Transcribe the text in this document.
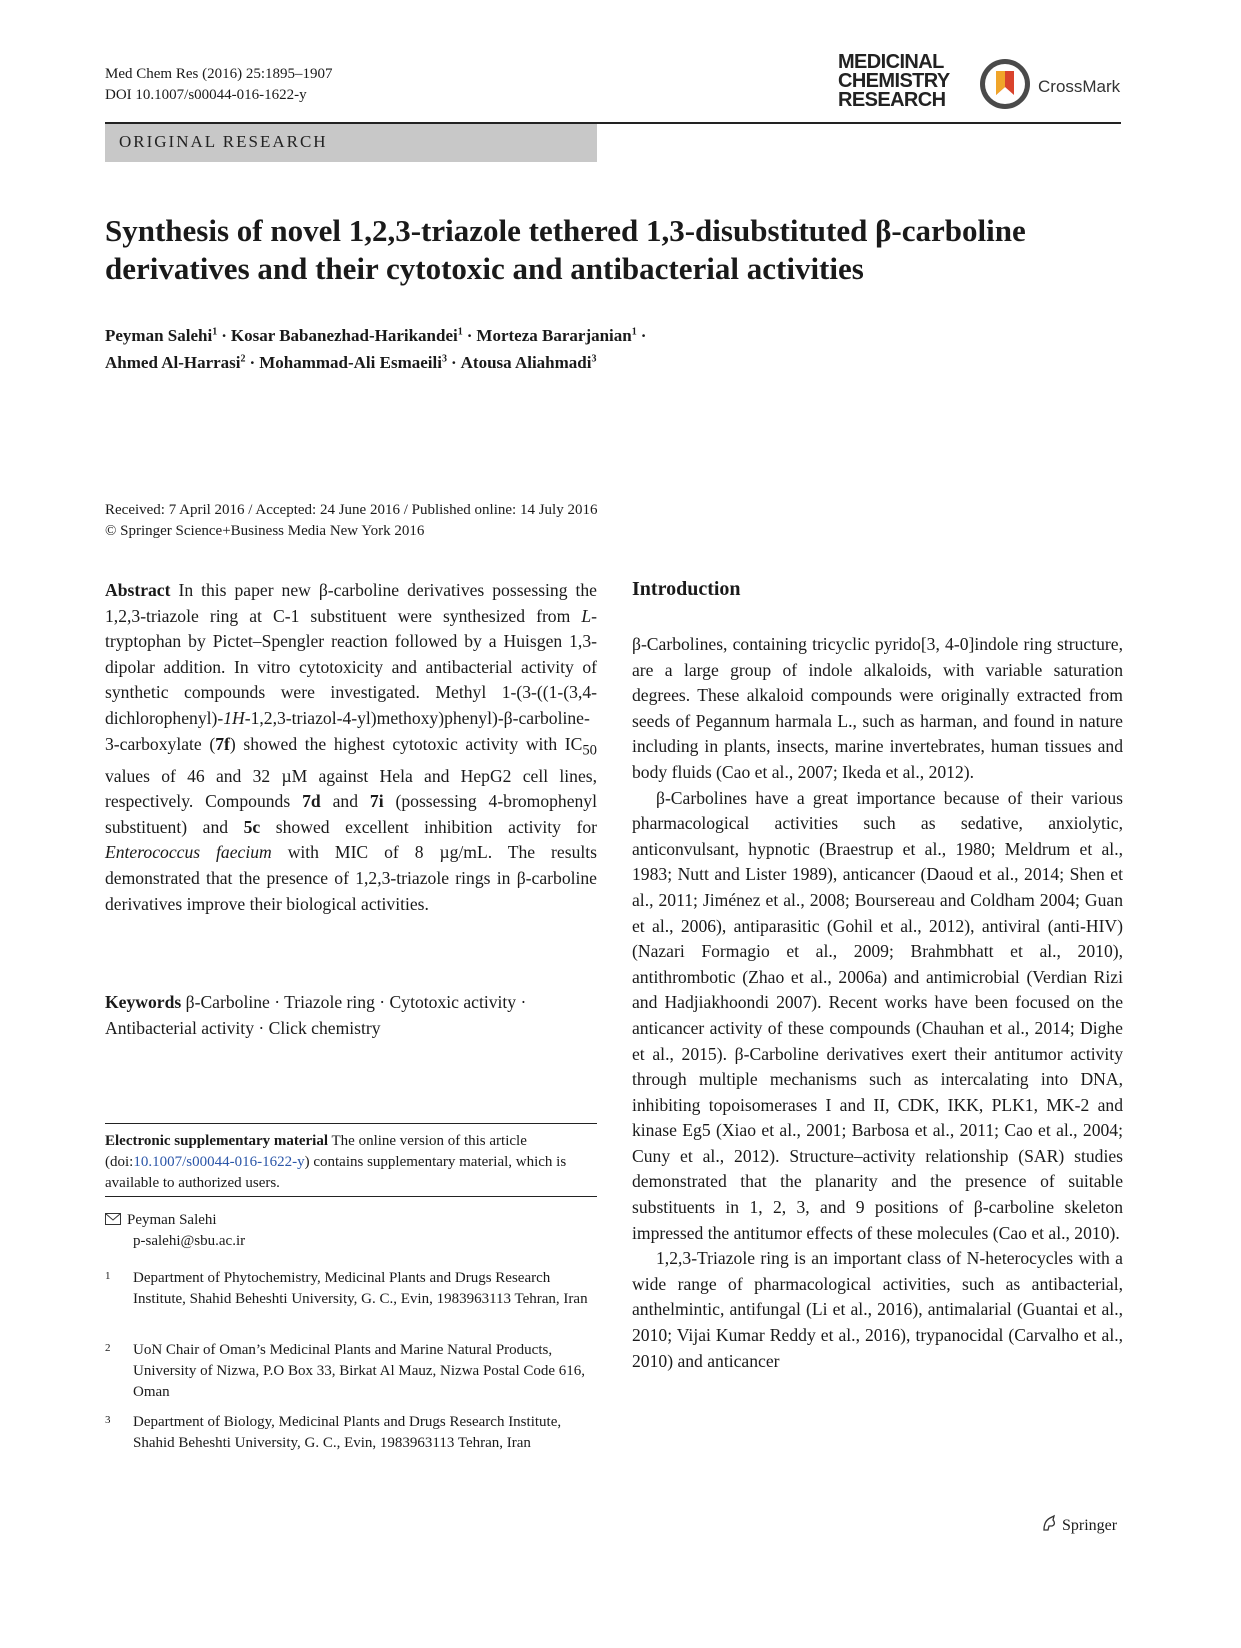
Med Chem Res (2016) 25:1895–1907
DOI 10.1007/s00044-016-1622-y
MEDICINAL
CHEMISTRY
RESEARCH
CrossMark
ORIGINAL RESEARCH
Synthesis of novel 1,2,3-triazole tethered 1,3-disubstituted β-carboline
derivatives and their cytotoxic and antibacterial activities
Peyman Salehi$^1$ · Kosar Babanezhad-Harikandei$^1$ · Morteza Bararjanian$^1$ ·
Ahmed Al-Harrasi$^2$ · Mohammad-Ali Esmaeili$^3$ · Atousa Aliahmadi$^3$
Received: 7 April 2016 / Accepted: 24 June 2016 / Published online: 14 July 2016
© Springer Science+Business Media New York 2016
Abstract In this paper new β-carboline derivatives possessing the 1,2,3-triazole ring at C-1 substituent were synthesized from L-tryptophan by Pictet–Spengler reaction followed by a Huisgen 1,3-dipolar addition. In vitro cytotoxicity and antibacterial activity of synthetic compounds were investigated. Methyl 1-(3-((1-(3,4-dichlorophenyl)-1H-1,2,3-triazol-4-yl)methoxy)phenyl)-β-carboline-3-carboxylate (7f) showed the highest cytotoxic activity with $IC_{50}$ values of 46 and 32 µM against Hela and HepG2 cell lines, respectively. Compounds 7d and 7i (possessing 4-bromophenyl substituent) and 5c showed excellent inhibition activity for Enterococcus faecium with MIC of 8 µg/mL. The results demonstrated that the presence of 1,2,3-triazole rings in β-carboline derivatives improve their biological activities.
Keywords β-Carboline · Triazole ring · Cytotoxic activity · Antibacterial activity · Click chemistry
Electronic supplementary material The online version of this article (doi:10.1007/s00044-016-1622-y) contains supplementary material, which is available to authorized users.
Peyman Salehi
p-salehi@sbu.ac.ir
1 Department of Phytochemistry, Medicinal Plants and Drugs Research Institute, Shahid Beheshti University, G. C., Evin, 1983963113 Tehran, Iran
2 UoN Chair of Oman’s Medicinal Plants and Marine Natural Products, University of Nizwa, P.O Box 33, Birkat Al Mauz, Nizwa Postal Code 616, Oman
3 Department of Biology, Medicinal Plants and Drugs Research Institute, Shahid Beheshti University, G. C., Evin, 1983963113 Tehran, Iran
Introduction

β-Carbolines, containing tricyclic pyrido[3, 4-0]indole ring structure, are a large group of indole alkaloids, with variable saturation degrees. These alkaloid compounds were originally extracted from seeds of Pegannum harmala L., such as harman, and found in nature including in plants, insects, marine invertebrates, human tissues and body fluids (Cao et al., 2007; Ikeda et al., 2012).

β-Carbolines have a great importance because of their various pharmacological activities such as sedative, anxiolytic, anticonvulsant, hypnotic (Braestrup et al., 1980; Meldrum et al., 1983; Nutt and Lister 1989), anticancer (Daoud et al., 2014; Shen et al., 2011; Jiménez et al., 2008; Boursereau and Coldham 2004; Guan et al., 2006), antiparasitic (Gohil et al., 2012), antiviral (anti-HIV) (Nazari Formagio et al., 2009; Brahmbhatt et al., 2010), antithrombotic (Zhao et al., 2006a) and antimicrobial (Verdian Rizi and Hadjiakhoondi 2007). Recent works have been focused on the anticancer activity of these compounds (Chauhan et al., 2014; Dighe et al., 2015). β-Carboline derivatives exert their antitumor activity through multiple mechanisms such as intercalating into DNA, inhibiting topoisomerases I and II, CDK, IKK, PLK1, MK-2 and kinase Eg5 (Xiao et al., 2001; Barbosa et al., 2011; Cao et al., 2004; Cuny et al., 2012). Structure–activity relationship (SAR) studies demonstrated that the planarity and the presence of suitable substituents in 1, 2, 3, and 9 positions of β-carboline skeleton impressed the antitumor effects of these molecules (Cao et al., 2010).

1,2,3-Triazole ring is an important class of N-heterocycles with a wide range of pharmacological activities, such as antibacterial, anthelmintic, antifungal (Li et al., 2016), antimalarial (Guantai et al., 2010; Vijai Kumar Reddy et al., 2016), trypanocidal (Carvalho et al., 2010) and anticancer

Springer
